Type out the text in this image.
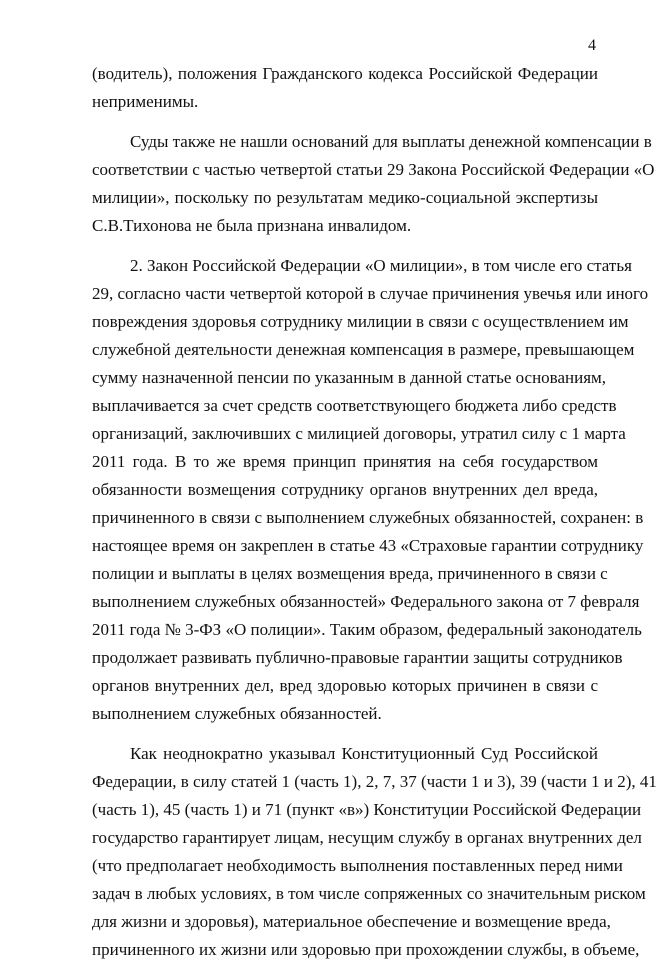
4
(водитель), положения Гражданского кодекса Российской Федерации
неприменимы.
Суды также не нашли оснований для выплаты денежной компенсации в
соответствии с частью четвертой статьи 29 Закона Российской Федерации «О
милиции», поскольку по результатам медико-социальной экспертизы
С.В.Тихонова не была признана инвалидом.
2. Закон Российской Федерации «О милиции», в том числе его статья
29, согласно части четвертой которой в случае причинения увечья или иного
повреждения здоровья сотруднику милиции в связи с осуществлением им
служебной деятельности денежная компенсация в размере, превышающем
сумму назначенной пенсии по указанным в данной статье основаниям,
выплачивается за счет средств соответствующего бюджета либо средств
организаций, заключивших с милицией договоры, утратил силу с 1 марта
2011 года. В то же время принцип принятия на себя государством
обязанности возмещения сотруднику органов внутренних дел вреда,
причиненного в связи с выполнением служебных обязанностей, сохранен: в
настоящее время он закреплен в статье 43 «Страховые гарантии сотруднику
полиции и выплаты в целях возмещения вреда, причиненного в связи с
выполнением служебных обязанностей» Федерального закона от 7 февраля
2011 года № 3-ФЗ «О полиции». Таким образом, федеральный законодатель
продолжает развивать публично-правовые гарантии защиты сотрудников
органов внутренних дел, вред здоровью которых причинен в связи с
выполнением служебных обязанностей.
Как неоднократно указывал Конституционный Суд Российской
Федерации, в силу статей 1 (часть 1), 2, 7, 37 (части 1 и 3), 39 (части 1 и 2), 41
(часть 1), 45 (часть 1) и 71 (пункт «в») Конституции Российской Федерации
государство гарантирует лицам, несущим службу в органах внутренних дел
(что предполагает необходимость выполнения поставленных перед ними
задач в любых условиях, в том числе сопряженных со значительным риском
для жизни и здоровья), материальное обеспечение и возмещение вреда,
причиненного их жизни или здоровью при прохождении службы, в объеме,
